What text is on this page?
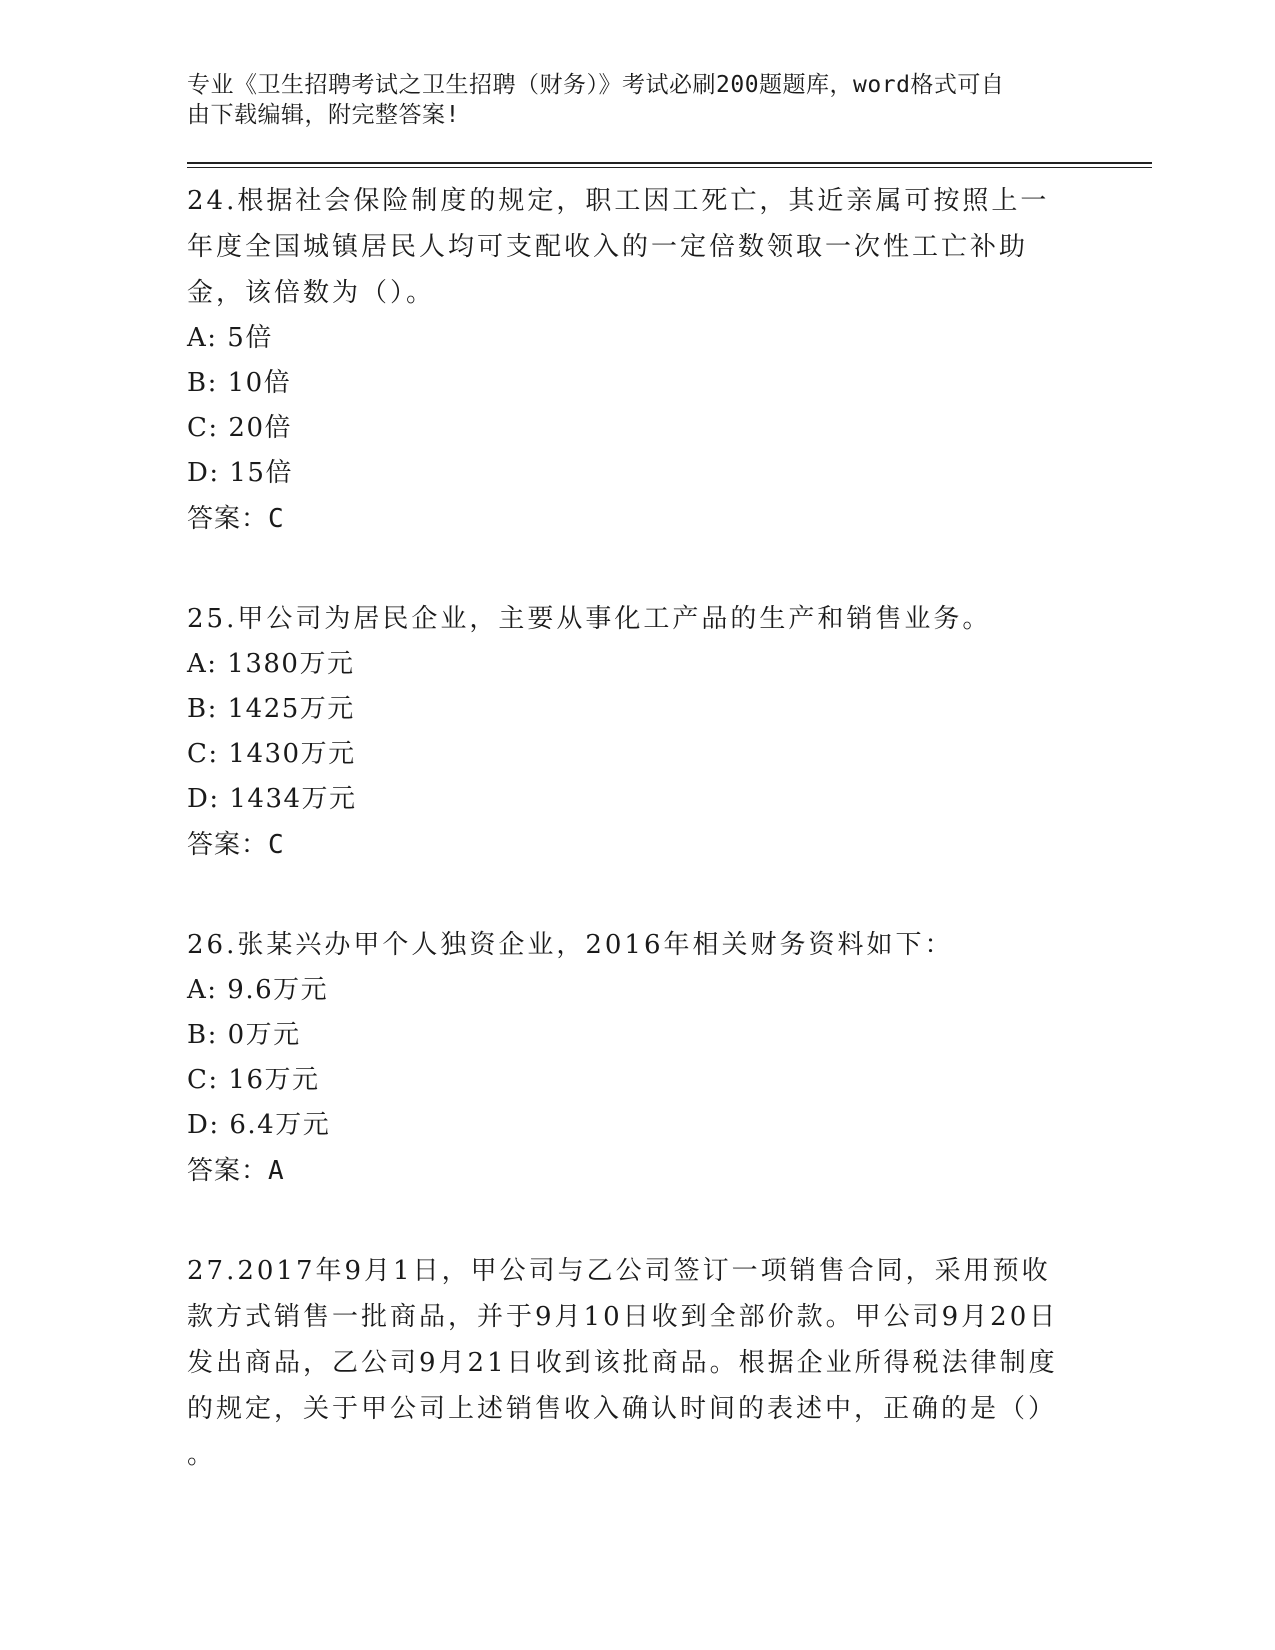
专业《卫生招聘考试之卫生招聘（财务）》考试必刷200题题库，word格式可自
由下载编辑，附完整答案!
24.根据社会保险制度的规定，职工因工死亡，其近亲属可按照上一年度全国城镇居民人均可支配收入的一定倍数领取一次性工亡补助金，该倍数为（）。
A: 5倍
B: 10倍
C: 20倍
D: 15倍
答案：C
25.甲公司为居民企业，主要从事化工产品的生产和销售业务。
A: 1380万元
B: 1425万元
C: 1430万元
D: 1434万元
答案：C
26.张某兴办甲个人独资企业，2016年相关财务资料如下：
A: 9.6万元
B: 0万元
C: 16万元
D: 6.4万元
答案：A
27.2017年9月1日，甲公司与乙公司签订一项销售合同，采用预收款方式销售一批商品，并于9月10日收到全部价款。甲公司9月20日发出商品，乙公司9月21日收到该批商品。根据企业所得税法律制度的规定，关于甲公司上述销售收入确认时间的表述中，正确的是（）
。
